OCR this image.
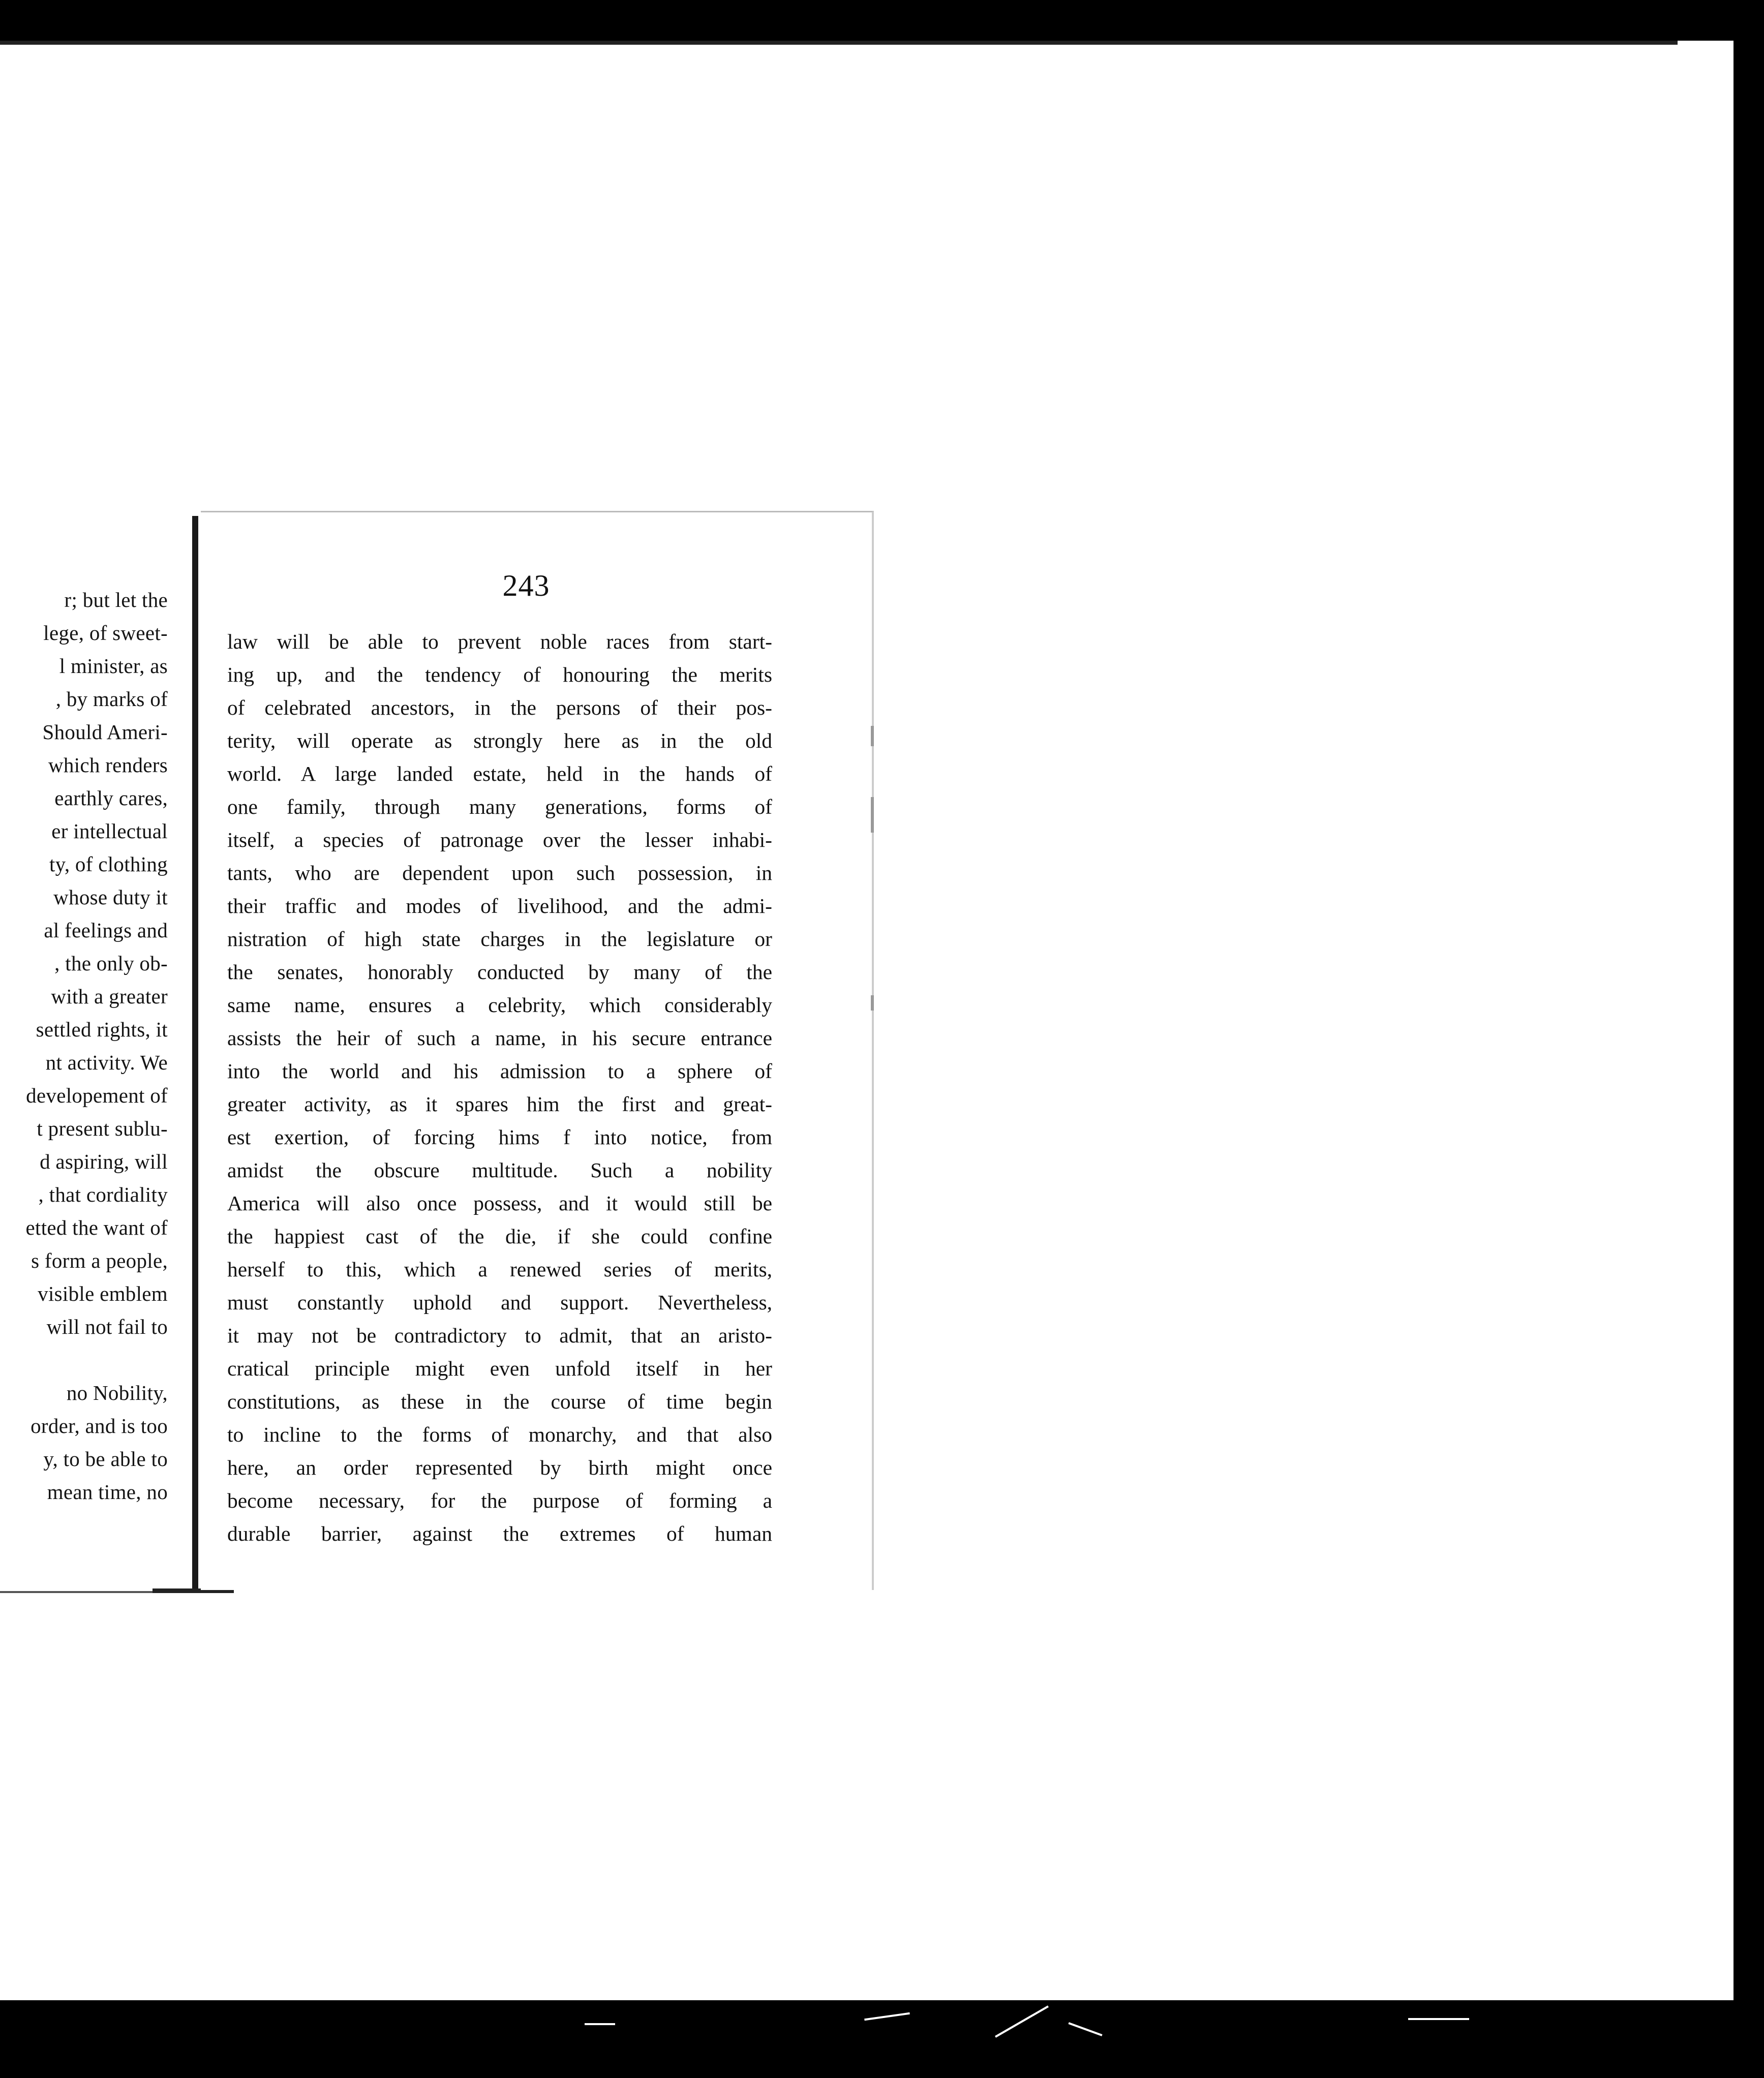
r; but let the
lege, of sweet-
l minister, as
, by marks of
Should Ameri-
which renders
earthly cares,
er intellectual
ty, of clothing
whose duty it
al feelings and
, the only ob-
with a greater
settled rights, it
nt activity. We
developement of
t present sublu-
d aspiring, will
, that cordiality
etted the want of
s form a people,
visible emblem
will not fail to
no Nobility,
order, and is too
y, to be able to
mean time, no
243
law will be able to prevent noble races from start-
ing up, and the tendency of honouring the merits
of celebrated ancestors, in the persons of their pos-
terity, will operate as strongly here as in the old
world. A large landed estate, held in the hands of
one family, through many generations, forms of
itself, a species of patronage over the lesser inhabi-
tants, who are dependent upon such possession, in
their traffic and modes of livelihood, and the admi-
nistration of high state charges in the legislature or
the senates, honorably conducted by many of the
same name, ensures a celebrity, which considerably
assists the heir of such a name, in his secure entrance
into the world and his admission to a sphere of
greater activity, as it spares him the first and great-
est exertion, of forcing hims f into notice, from
amidst the obscure multitude. Such a nobility
America will also once possess, and it would still be
the happiest cast of the die, if she could confine
herself to this, which a renewed series of merits,
must constantly uphold and support. Nevertheless,
it may not be contradictory to admit, that an aristo-
cratical principle might even unfold itself in her
constitutions, as these in the course of time begin
to incline to the forms of monarchy, and that also
here, an order represented by birth might once
become necessary, for the purpose of forming a
durable barrier, against the extremes of human
